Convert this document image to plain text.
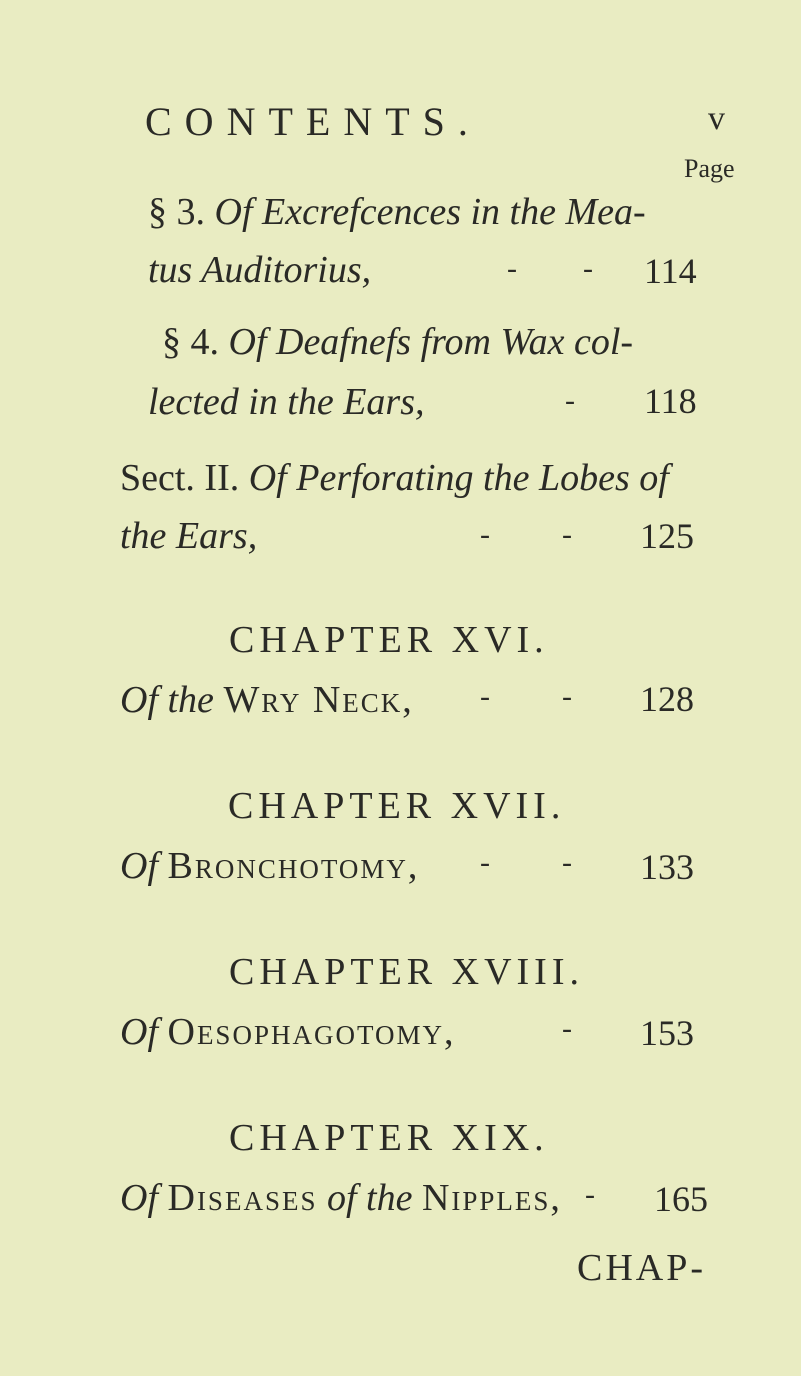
CONTENTS.	v
Page
§ 3. Of Excrefcences in the Mea-
tus Auditorius,	- - 114
§ 4. Of Deafnefs from Wax col-
lected in the Ears,	- 118
Sect. II. Of Perforating the Lobes of
the Ears,	- - 125
CHAPTER XVI.
Of the Wry Neck, - - 128
CHAPTER XVII.
Of Bronchotomy, - - 133
CHAPTER XVIII.
Of Oesophagotomy,	- 153
CHAPTER XIX.
Of Diseases of the Nipples, - 165
CHAP-
